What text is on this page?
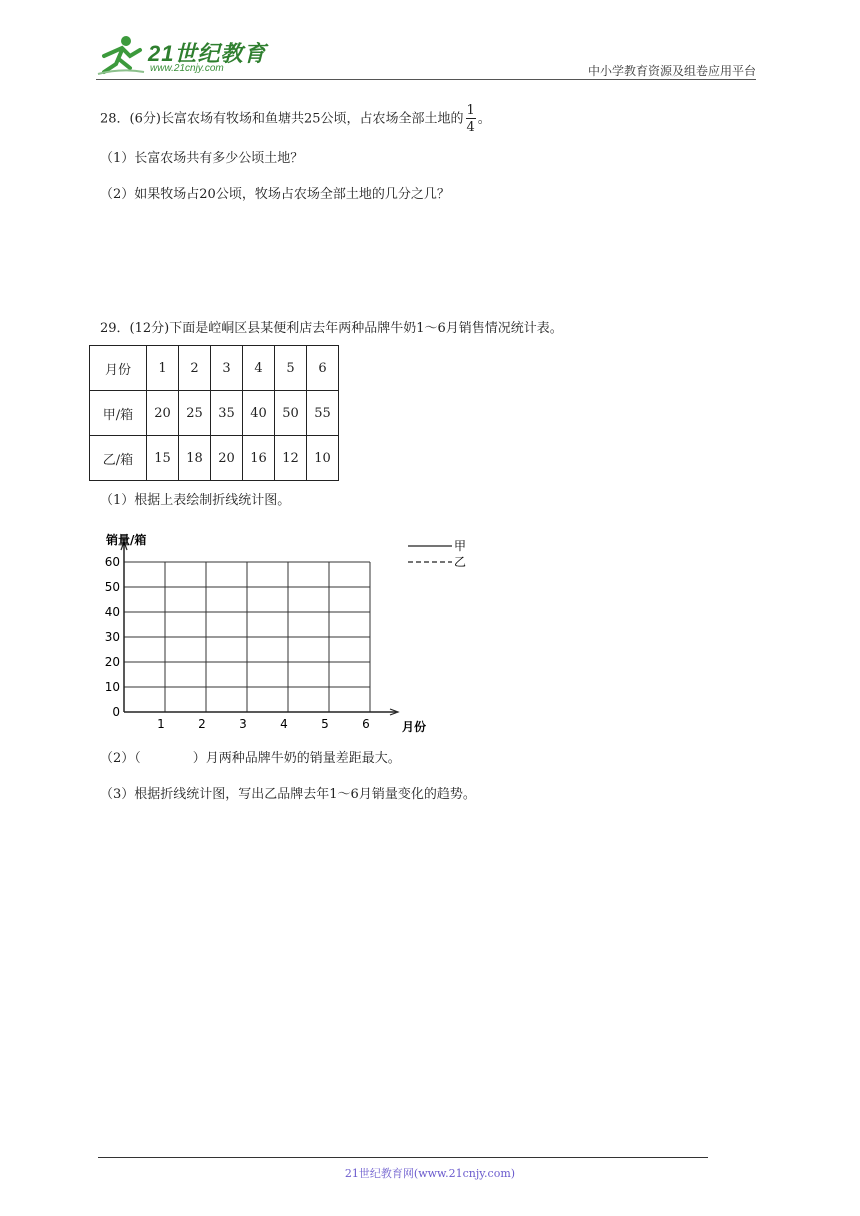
21世纪教育
www.21cnjy.com	中小学教育资源及组卷应用平台
28．(6分)长富农场有牧场和鱼塘共25公顷，占农场全部土地的 $\frac{1}{4}$ 。
（1）长富农场共有多少公顷土地？
（2）如果牧场占20公顷，牧场占农场全部土地的几分之几？
29．(12分)下面是崆峒区县某便利店去年两种品牌牛奶1～6月销售情况统计表。
月份	1	2	3	4	5	6
甲/箱	20	25	35	40	50	55
乙/箱	15	18	20	16	12	10
（1）根据上表绘制折线统计图。
0
10
20
30
40
50
60
1	2	3	4	5	6
销量/箱
月份
甲
乙
（2）（　　　　）月两种品牌牛奶的销量差距最大。
（3）根据折线统计图，写出乙品牌去年1～6月销量变化的趋势。
21世纪教育网(www.21cnjy.com)
